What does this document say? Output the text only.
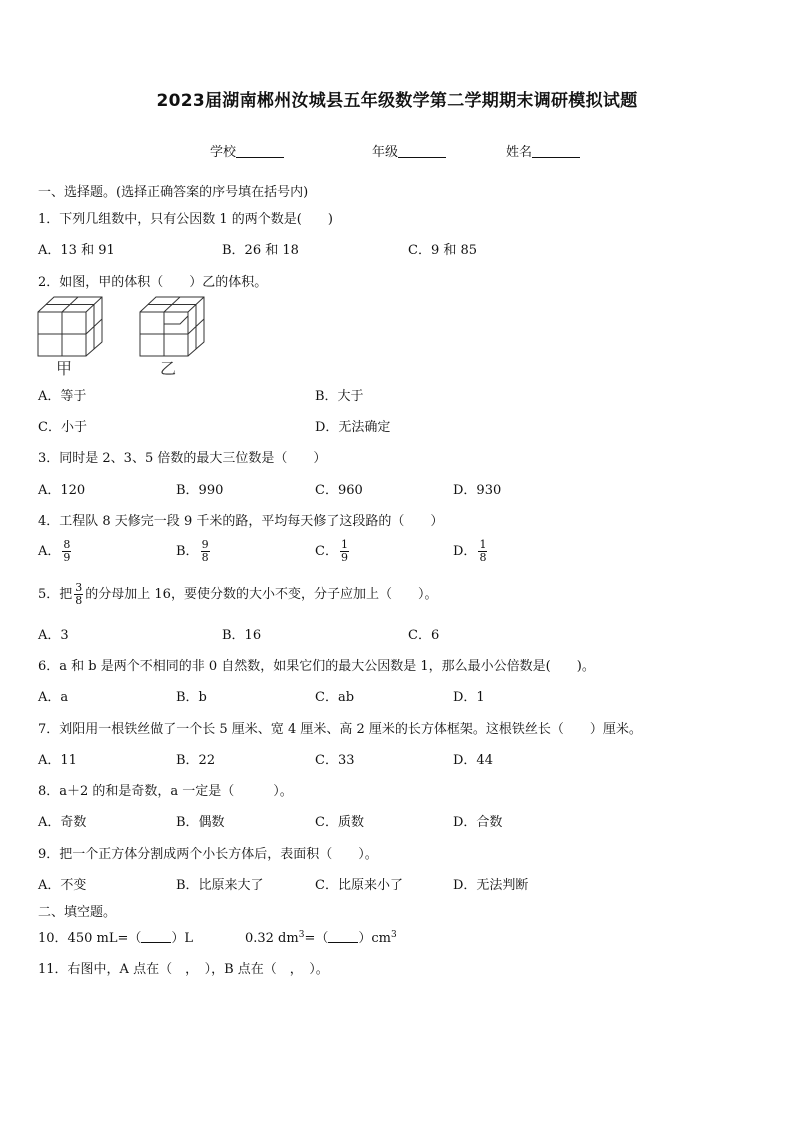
2023届湖南郴州汝城县五年级数学第二学期期末调研模拟试题
学校	年级	姓名
一、选择题。(选择正确答案的序号填在括号内)
1．下列几组数中，只有公因数 1 的两个数是(　　)
A．13 和 91	B．26 和 18	C．9 和 85
2．如图，甲的体积（　　）乙的体积。
甲	乙
A．等于	B．大于
C．小于	D．无法确定
3．同时是 2、3、5 倍数的最大三位数是（　　）
A．120	B．990	C．960	D．930
4．工程队 8 天修完一段 9 千米的路，平均每天修了这段路的（　　）
A． $\frac{8}{9}$	B． $\frac{9}{8}$	C． $\frac{1}{9}$	D． $\frac{1}{8}$
5．把 $\frac{3}{8}$ 的分母加上 16，要使分数的大小不变，分子应加上（　　）。
A．3	B．16	C．6
6．a 和 b 是两个不相同的非 0 自然数，如果它们的最大公因数是 1，那么最小公倍数是(　　)。
A．a	B．b	C．ab	D．1
7．刘阳用一根铁丝做了一个长 5 厘米、宽 4 厘米、高 2 厘米的长方体框架。这根铁丝长（　　）厘米。
A．11	B．22	C．33	D．44
8．a＋2 的和是奇数，a 一定是（　　　）。
A．奇数	B．偶数	C．质数	D．合数
9．把一个正方体分割成两个小长方体后，表面积（　　）。
A．不变	B．比原来大了	C．比原来小了	D．无法判断
二、填空题。
10．450 mL=（ ）L	0.32 $dm^3=$（ ）$cm^3$
11．右图中，A 点在（　，　），B 点在（　，　）。
